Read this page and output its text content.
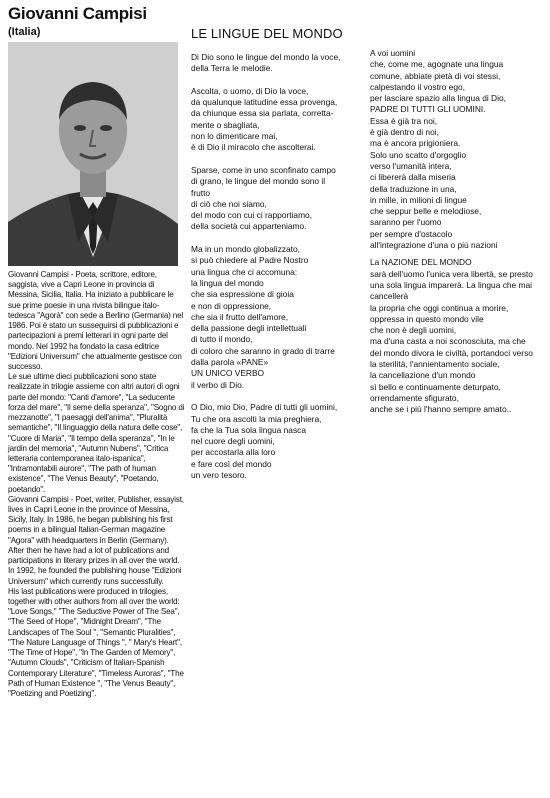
Giovanni Campisi
(Italia)

Giovanni Campisi - Poeta, scrittore, editore, saggista, vive a Capri Leone in provincia di Messina, Sicilia, Italia. Ha iniziato a pubblicare le sue prime poesie in una rivista bilingue italo-tedesca "Agorà" con sede a Berlino (Germania) nel 1986. Poi è stato un susseguirsi di pubblicazioni e partecipazioni a premi letterari in ogni parte del mondo. Nel 1992 ha fondato la casa editrice "Edizioni Universum" che attualmente gestisce con successo.

Le sue ultime dieci pubblicazioni sono state realizzate in trilogie assieme con altri autori di ogni parte del mondo: "Canti d'amore", "La seducente forza del mare", "Il seme della speranza", "Sogno di mezzanotte", "I paesaggi dell'anima", "Pluralità semantiche", "Il linguaggio della natura delle cose", "Cuore di Maria", "Il tempo della speranza", "In le jardin del memoria", "Autumn Nubens", "Critica letteraria contemporanea italo-ispanica", "Intramontabili aurore", "The path of human existence", "The Venus Beauty", "Poetando, poetando".

Giovanni Campisi - Poet, writer, Publisher, essayist, lives in Capri Leone in the province of Messina, Sicily, Italy. In 1986, he began publishing his first poems in a bilingual Italian-German magazine "Agora" with headquarters in Berlin (Germany). After then he have had a lot of publications and participations in literary prizes in all over the world. In 1992, he founded the publishing house "Edizioni Universum" which currently runs successfully.

His last publications were produced in trilogies, together with other authors from all over the world: "Love Songs," "The Seductive Power of The Sea", "The Seed of Hope", "Midnight Dream", "The Landscapes of The Soul ", "Semantic Pluralities", "The Nature Language of Things ", " Mary's Heart", "The Time of Hope", "In The Garden of Memory", "Autumn Clouds", "Criticism of Italian-Spanish Contemporary Literature", "Timeless Auroras", "The Path of Human Existence ", "The Venus Beauty", "Poetizing and Poetizing".

LE LINGUE DEL MONDO

Di Dio sono le lingue del mondo la voce,
della Terra le melodie.

Ascolta, o uomo, di Dio la voce,
da qualunque latitudine essa provenga,
da chiunque essa sia parlata, corretta-
mente o sbagliata,
non lo dimenticare mai,
è di Dio il miracolo che ascolterai.

Sparse, come in uno sconfinato campo
di grano, le lingue del mondo sono il
frutto
di ciò che noi siamo,
del modo con cui ci rapportiamo,
della società cui apparteniamo.

Ma in un mondo globalizzato,
si può chiedere al Padre Nostro
una lingua che ci accomuna:
la lingua del mondo
che sia espressione di gioia
e non di oppressione,
che sia il frutto dell'amore,
della passione degli intellettuali
di tutto il mondo,
di coloro che saranno in grado di trarre
dalla parola «PANE»
UN UNICO VERBO
il verbo di Dio.

O Dio, mio Dio, Padre di tutti gli uomini,
Tu che ora ascolti la mia preghiera,
fa che la Tua sola lingua nasca
nel cuore degli uomini,
per accostarla alla loro
e fare così del mondo
un vero tesoro.

A voi uomini
che, come me, agognate una lingua
comune, abbiate pietà di voi stessi,
calpestando il vostro ego,
per lasciare spazio alla lingua di Dio,
PADRE DI TUTTI GLI UOMINI.
Essa è già tra noi,
è già dentro di noi,
ma è ancora prigioniera.
Solo uno scatto d'orgoglio
verso l'umanità intera,
ci libererà dalla miseria
della traduzione in una,
in mille, in milioni di lingue
che seppur belle e melodiose,
saranno per l'uomo
per sempre d'ostacolo
all'integrazione d'una o più nazioni

La NAZIONE DEL MONDO
sarà dell'uomo l'unica vera libertà, se presto
una sola lingua imparerà. La lingua che mai
cancellerà
la propria che oggi continua a morire,
oppressa in questo mondo vile
che non è degli uomini,
ma d'una casta a noi sconosciuta, ma che
del mondo divora le civiltà, portandoci verso
la sterilità, l'annientamento sociale,
la cancellazione d'un mondo
sì bello e continuamente deturpato,
orrendamente sfigurato,
anche se i più l'hanno sempre amato..
